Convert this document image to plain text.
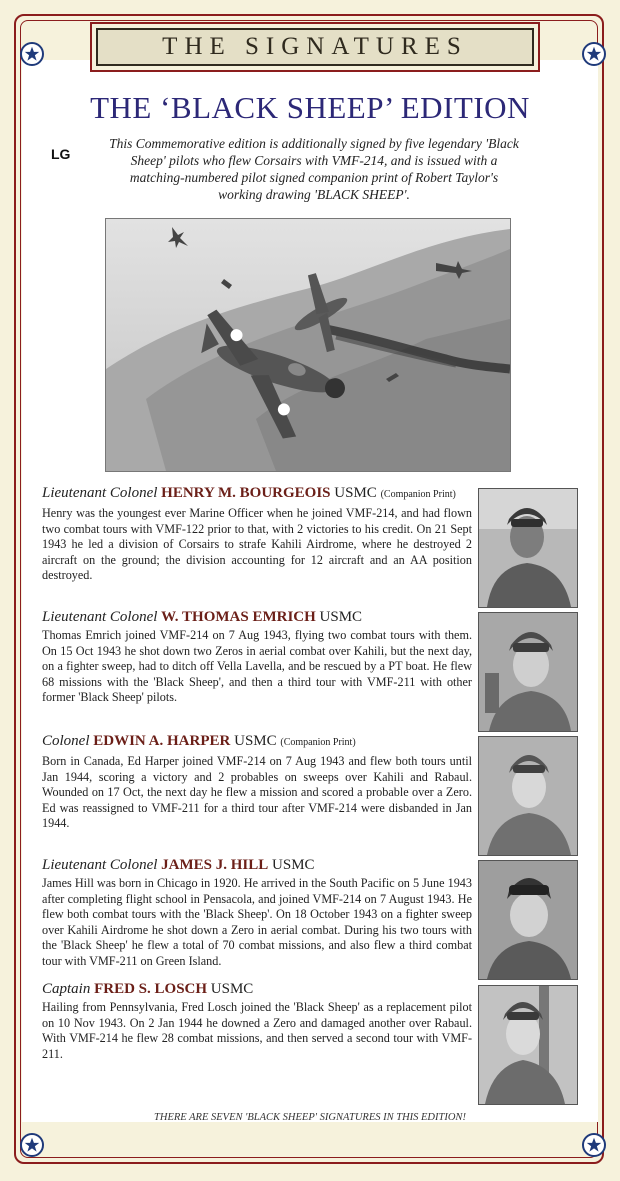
THE SIGNATURES
THE ‘BLACK SHEEP’ EDITION
LG
This Commemorative edition is additionally signed by five legendary 'Black Sheep' pilots who flew Corsairs with VMF-214, and is issued with a matching-numbered pilot signed companion print of Robert Taylor's working drawing 'BLACK SHEEP'.

Lieutenant Colonel HENRY M. BOURGEOIS USMC (Companion Print)

Henry was the youngest ever Marine Officer when he joined VMF-214, and had flown two combat tours with VMF-122 prior to that, with 2 victories to his credit. On 21 Sept 1943 he led a division of Corsairs to strafe Kahili Airdrome, where he destroyed 2 aircraft on the ground; the division accounting for 12 aircraft and an AA position destroyed.

Lieutenant Colonel W. THOMAS EMRICH USMC

Thomas Emrich joined VMF-214 on 7 Aug 1943, flying two combat tours with them. On 15 Oct 1943 he shot down two Zeros in aerial combat over Kahili, but the next day, on a fighter sweep, had to ditch off Vella Lavella, and be rescued by a PT boat. He flew 68 missions with the 'Black Sheep', and then a third tour with VMF-211 with other former 'Black Sheep' pilots.

Colonel EDWIN A. HARPER USMC (Companion Print)

Born in Canada, Ed Harper joined VMF-214 on 7 Aug 1943 and flew both tours until Jan 1944, scoring a victory and 2 probables on sweeps over Kahili and Rabaul. Wounded on 17 Oct, the next day he flew a mission and scored a probable over a Zero. Ed was reassigned to VMF-211 for a third tour after VMF-214 were disbanded in Jan 1944.

Lieutenant Colonel JAMES J. HILL USMC

James Hill was born in Chicago in 1920. He arrived in the South Pacific on 5 June 1943 after completing flight school in Pensacola, and joined VMF-214 on 7 August 1943. He flew both combat tours with the 'Black Sheep'. On 18 October 1943 on a fighter sweep over Kahili Airdrome he shot down a Zero in aerial combat. During his two tours with the 'Black Sheep' he flew a total of 70 combat missions, and also flew a third combat tour with VMF-211 on Green Island.

Captain FRED S. LOSCH USMC

Hailing from Pennsylvania, Fred Losch joined the 'Black Sheep' as a replacement pilot on 10 Nov 1943. On 2 Jan 1944 he downed a Zero and damaged another over Rabaul. With VMF-214 he flew 28 combat missions, and then served a second tour with VMF-211.

THERE ARE SEVEN 'BLACK SHEEP' SIGNATURES IN THIS EDITION!
